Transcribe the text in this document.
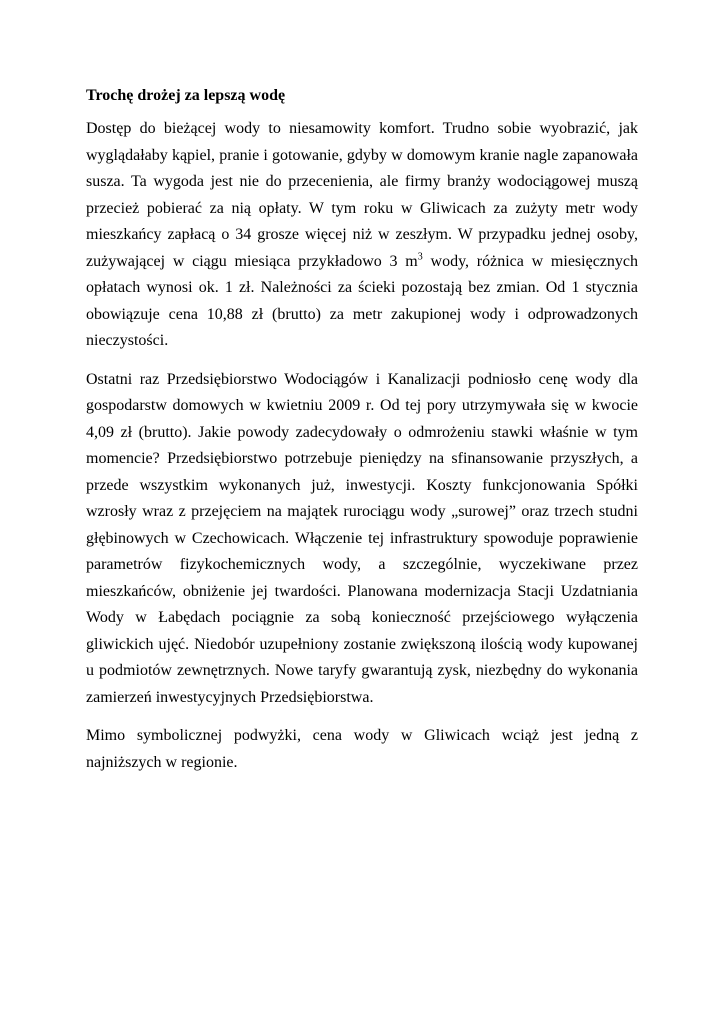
Trochę drożej za lepszą wodę

Dostęp do bieżącej wody to niesamowity komfort. Trudno sobie wyobrazić, jak wyglądałaby kąpiel, pranie i gotowanie, gdyby w domowym kranie nagle zapanowała susza. Ta wygoda jest nie do przecenienia, ale firmy branży wodociągowej muszą przecież pobierać za nią opłaty. W tym roku w Gliwicach za zużyty metr wody mieszkańcy zapłacą o 34 grosze więcej niż w zeszłym. W przypadku jednej osoby, zużywającej w ciągu miesiąca przykładowo 3 $m^3$ wody, różnica w miesięcznych opłatach wynosi ok. 1 zł. Należności za ścieki pozostają bez zmian. Od 1 stycznia obowiązuje cena 10,88 zł (brutto) za metr zakupionej wody i odprowadzonych nieczystości.

Ostatni raz Przedsiębiorstwo Wodociągów i Kanalizacji podniosło cenę wody dla gospodarstw domowych w kwietniu 2009 r. Od tej pory utrzymywała się w kwocie 4,09 zł (brutto). Jakie powody zadecydowały o odmrożeniu stawki właśnie w tym momencie? Przedsiębiorstwo potrzebuje pieniędzy na sfinansowanie przyszłych, a przede wszystkim wykonanych już, inwestycji. Koszty funkcjonowania Spółki wzrosły wraz z przejęciem na majątek rurociągu wody „surowej” oraz trzech studni głębinowych w Czechowicach. Włączenie tej infrastruktury spowoduje poprawienie parametrów fizykochemicznych wody, a szczególnie, wyczekiwane przez mieszkańców, obniżenie jej twardości. Planowana modernizacja Stacji Uzdatniania Wody w Łabędach pociągnie za sobą konieczność przejściowego wyłączenia gliwickich ujęć. Niedobór uzupełniony zostanie zwiększoną ilością wody kupowanej u podmiotów zewnętrznych. Nowe taryfy gwarantują zysk, niezbędny do wykonania zamierzeń inwestycyjnych Przedsiębiorstwa.

Mimo symbolicznej podwyżki, cena wody w Gliwicach wciąż jest jedną z najniższych w regionie.
